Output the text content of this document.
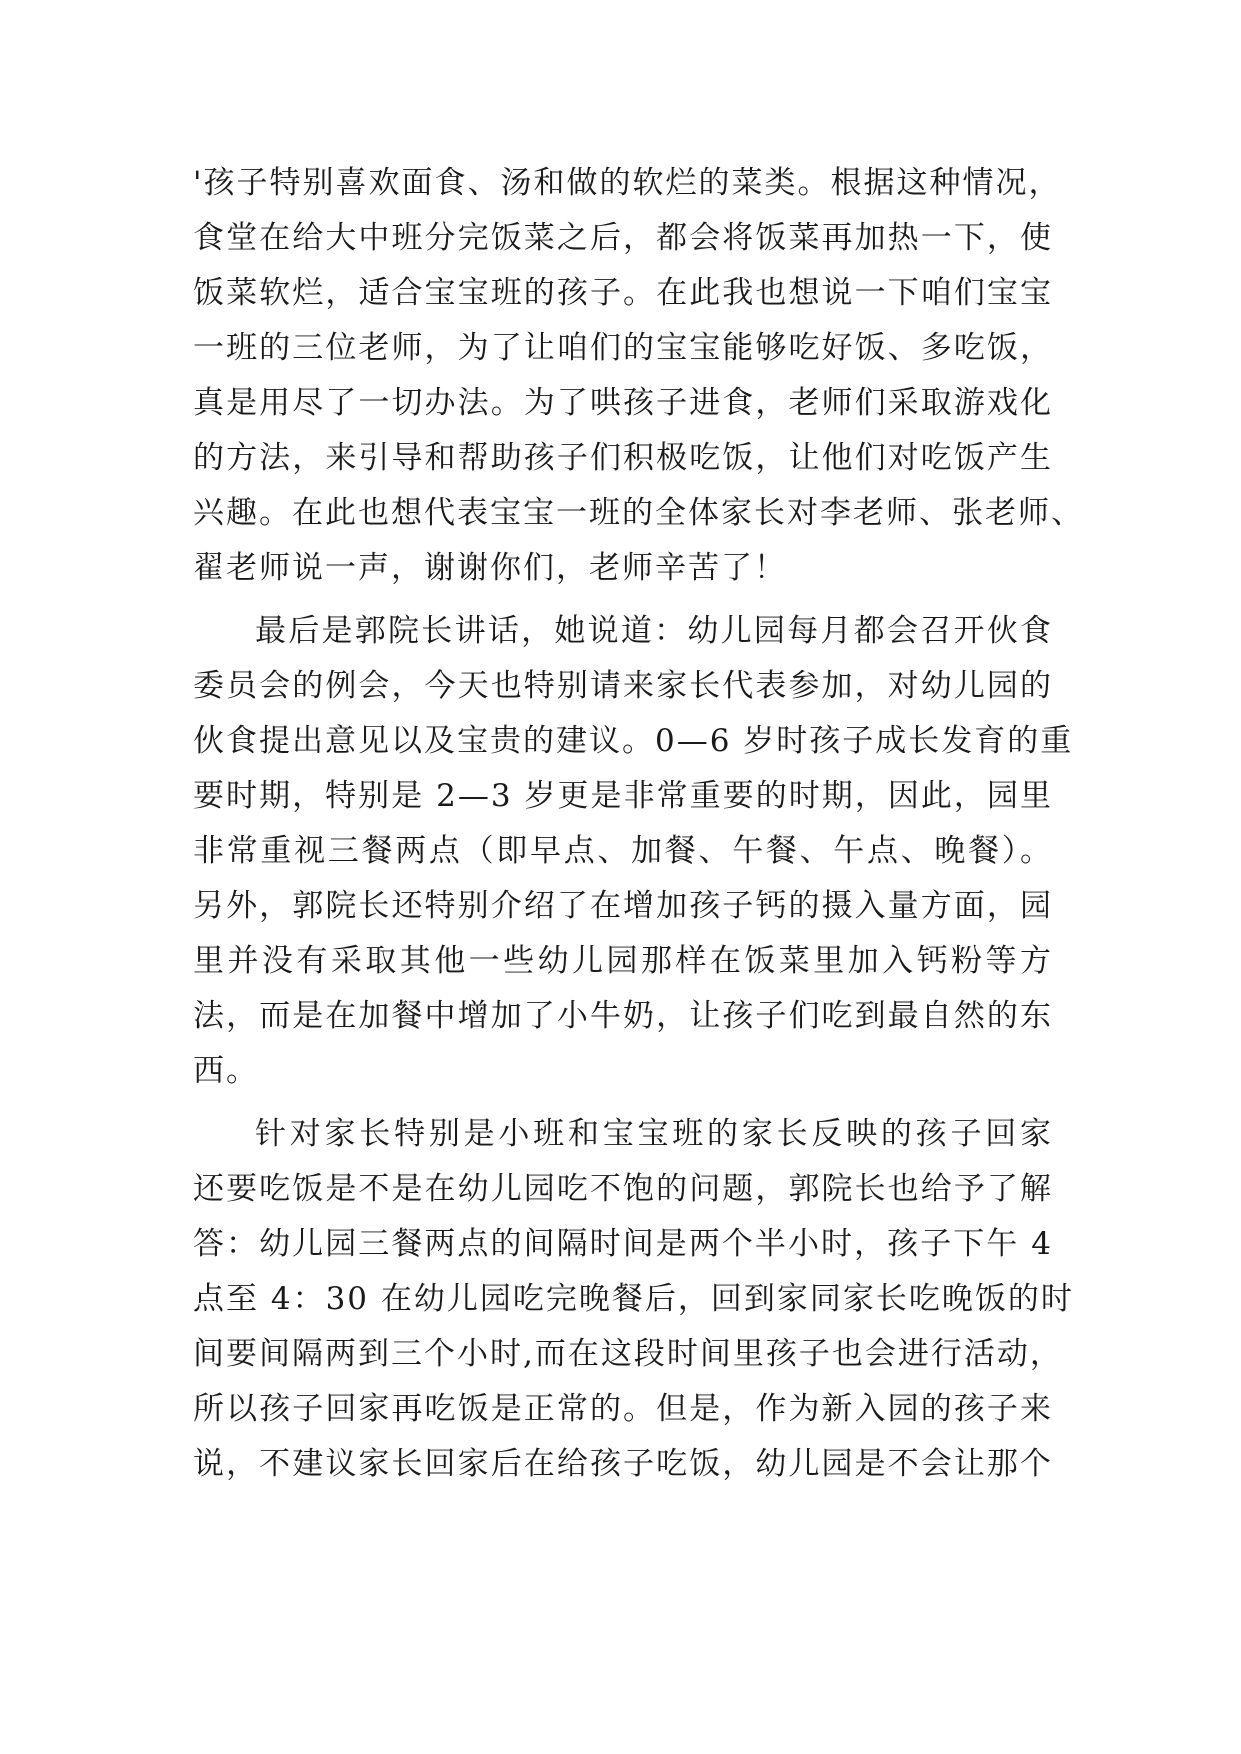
'孩子特别喜欢面食、汤和做的软烂的菜类。根据这种情况，
食堂在给大中班分完饭菜之后，都会将饭菜再加热一下，使
饭菜软烂，适合宝宝班的孩子。在此我也想说一下咱们宝宝
一班的三位老师，为了让咱们的宝宝能够吃好饭、多吃饭，
真是用尽了一切办法。为了哄孩子进食，老师们采取游戏化
的方法，来引导和帮助孩子们积极吃饭，让他们对吃饭产生
兴趣。在此也想代表宝宝一班的全体家长对李老师、张老师、
翟老师说一声，谢谢你们，老师辛苦了！
最后是郭院长讲话，她说道：幼儿园每月都会召开伙食
委员会的例会，今天也特别请来家长代表参加，对幼儿园的
伙食提出意见以及宝贵的建议。0—6 岁时孩子成长发育的重
要时期，特别是 2—3 岁更是非常重要的时期，因此，园里
非常重视三餐两点（即早点、加餐、午餐、午点、晚餐）。
另外，郭院长还特别介绍了在增加孩子钙的摄入量方面，园
里并没有采取其他一些幼儿园那样在饭菜里加入钙粉等方
法，而是在加餐中增加了小牛奶，让孩子们吃到最自然的东
西。
针对家长特别是小班和宝宝班的家长反映的孩子回家
还要吃饭是不是在幼儿园吃不饱的问题，郭院长也给予了解
答：幼儿园三餐两点的间隔时间是两个半小时，孩子下午 4
点至 4：30 在幼儿园吃完晚餐后，回到家同家长吃晚饭的时
间要间隔两到三个小时,而在这段时间里孩子也会进行活动，
所以孩子回家再吃饭是正常的。但是，作为新入园的孩子来
说，不建议家长回家后在给孩子吃饭，幼儿园是不会让那个
